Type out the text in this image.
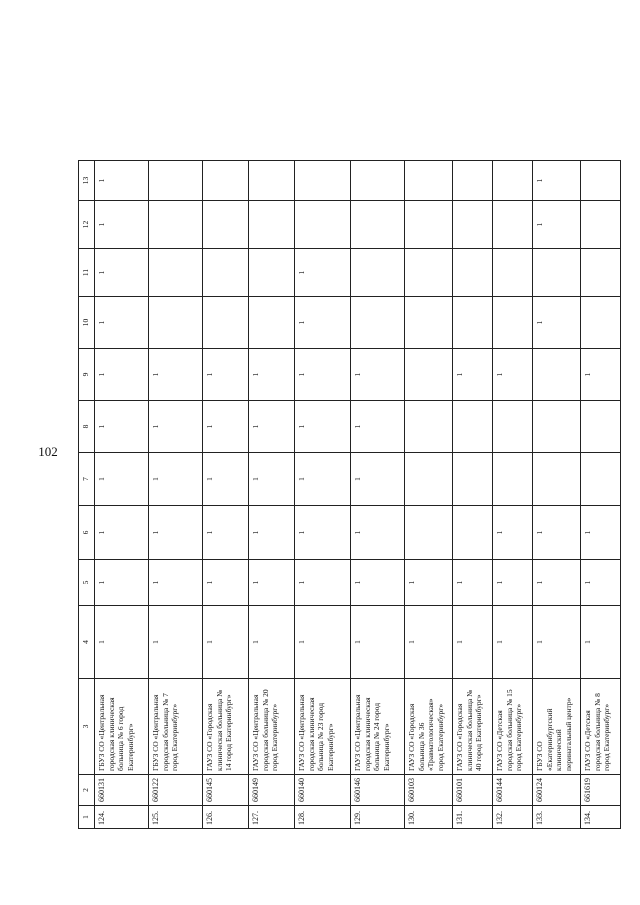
102
1	2	3	4	5	6	7	8	9	10	11	12	13
124.	660131	ГБУЗ СО «Центральная городская клиническая больница № 6 город Екатеринбург»	1	1	1	1	1	1	1	1	1	1
125.	660122	ГБУЗ СО «Центральная городская больница № 7 город Екатеринбург»	1	1	1	1	1	1				
126.	660145	ГАУЗ СО «Городская клиническая больница № 14 город Екатеринбург»	1	1	1	1	1	1				
127.	660149	ГАУЗ СО «Центральная городская больница № 20 город Екатеринбург»	1	1	1	1	1	1				
128.	660140	ГАУЗ СО «Центральная городская клиническая больница № 23 город Екатеринбург»	1	1	1	1	1	1	1	1		
129.	660146	ГАУЗ СО «Центральная городская клиническая больница № 24 город Екатеринбург»	1	1	1	1	1	1				
130.	660103	ГАУЗ СО «Городская больница № 36 «Травматологическая» город Екатеринбург»	1	1								
131.	660101	ГАУЗ СО «Городская клиническая больница № 40 город Екатеринбург»	1	1				1				
132.	660144	ГАУЗ СО «Детская городская больница № 15 город Екатеринбург»	1	1	1			1				
133.	660124	ГБУЗ СО «Екатеринбургский клинический перинатальный центр»	1	1	1				1		1	1
134.	661619	ГАУЗ СО «Детская городская больница № 8 город Екатеринбург»	1	1	1			1				
